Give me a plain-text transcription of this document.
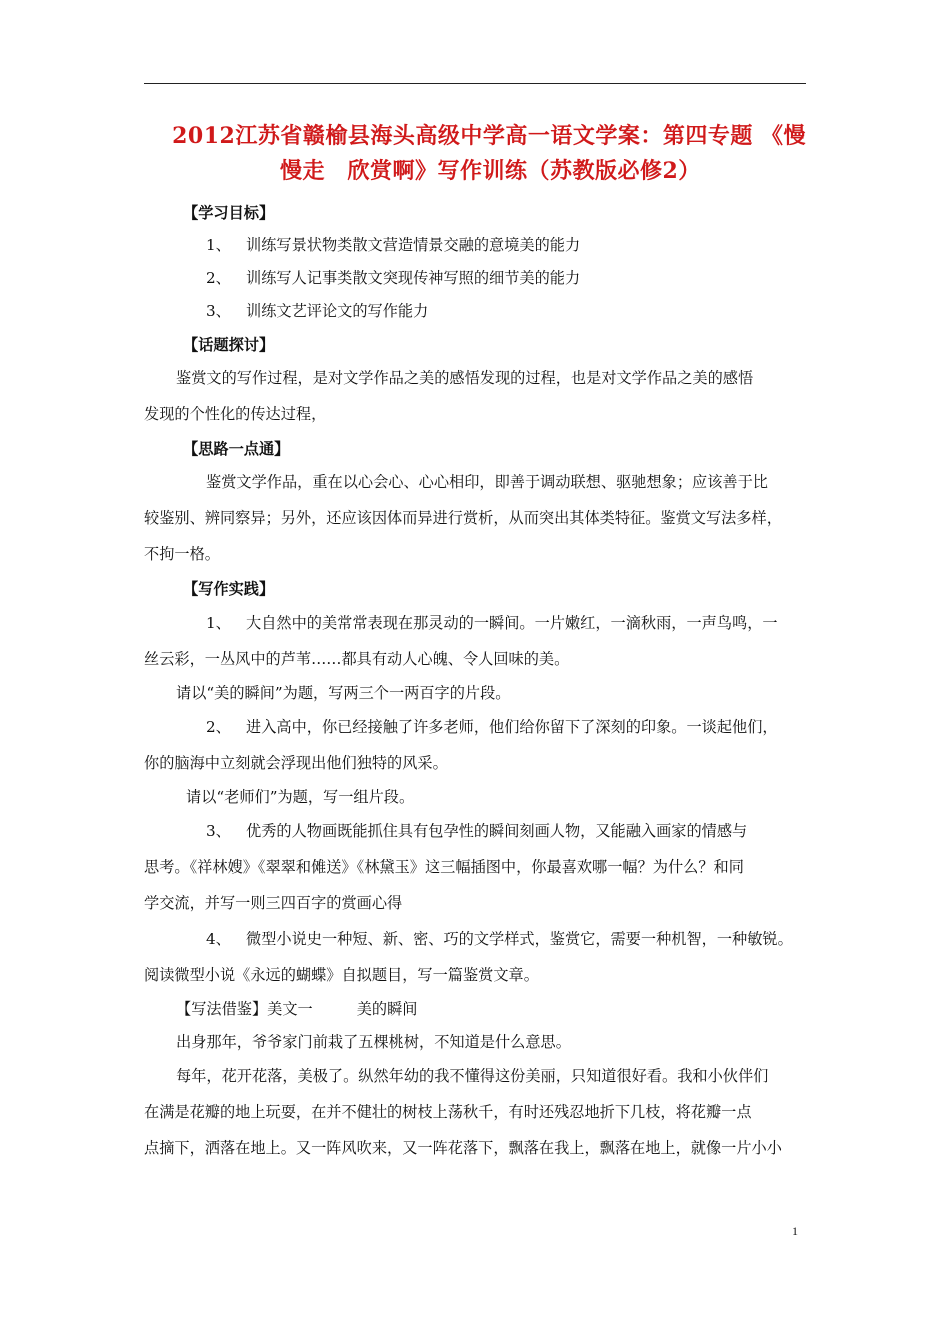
2012江苏省赣榆县海头高级中学高一语文学案：第四专题 《慢
慢走　欣赏啊》写作训练（苏教版必修2）
【学习目标】
1、 训练写景状物类散文营造情景交融的意境美的能力
2、 训练写人记事类散文突现传神写照的细节美的能力
3、 训练文艺评论文的写作能力
【话题探讨】
鉴赏文的写作过程，是对文学作品之美的感悟发现的过程，也是对文学作品之美的感悟
发现的个性化的传达过程，
【思路一点通】
鉴赏文学作品，重在以心会心、心心相印，即善于调动联想、驱驰想象；应该善于比
较鉴别、辨同察异；另外，还应该因体而异进行赏析，从而突出其体类特征。鉴赏文写法多样，
不拘一格。
【写作实践】
1、 大自然中的美常常表现在那灵动的一瞬间。一片嫩红，一滴秋雨，一声鸟鸣，一
丝云彩，一丛风中的芦苇……都具有动人心魄、令人回味的美。
请以“美的瞬间”为题，写两三个一两百字的片段。
2、 进入高中，你已经接触了许多老师，他们给你留下了深刻的印象。一谈起他们，
你的脑海中立刻就会浮现出他们独特的风采。
请以“老师们”为题，写一组片段。
3、 优秀的人物画既能抓住具有包孕性的瞬间刻画人物，又能融入画家的情感与
思考。《祥林嫂》《翠翠和傩送》《林黛玉》这三幅插图中，你最喜欢哪一幅？为什么？和同
学交流，并写一则三四百字的赏画心得
4、 微型小说史一种短、新、密、巧的文学样式，鉴赏它，需要一种机智，一种敏锐。
阅读微型小说《永远的蝴蝶》自拟题目，写一篇鉴赏文章。
【写法借鉴】美文一	美的瞬间
出身那年，爷爷家门前栽了五棵桃树，不知道是什么意思。
每年，花开花落，美极了。纵然年幼的我不懂得这份美丽，只知道很好看。我和小伙伴们
在满是花瓣的地上玩耍，在并不健壮的树枝上荡秋千，有时还残忍地折下几枝，将花瓣一点
点摘下，洒落在地上。又一阵风吹来，又一阵花落下，飘落在我上，飘落在地上，就像一片小小
1
